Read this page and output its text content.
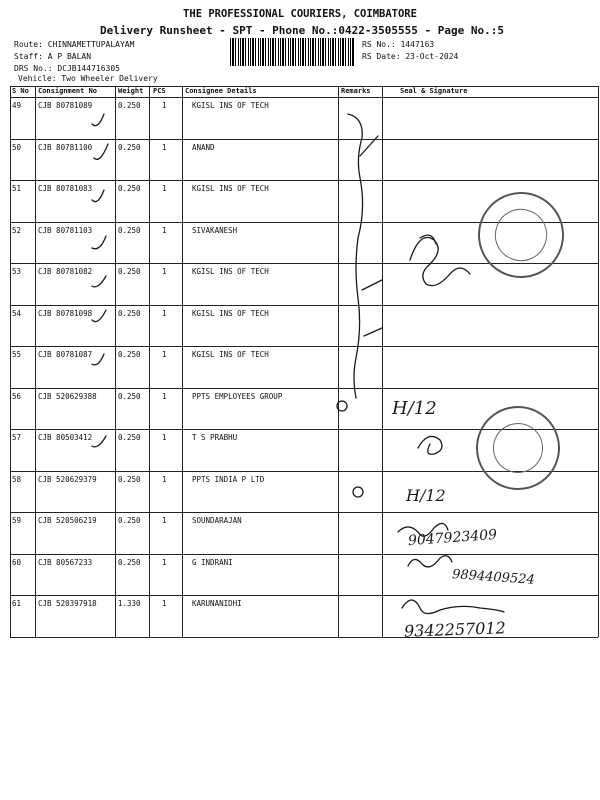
THE PROFESSIONAL COURIERS, COIMBATORE
Delivery Runsheet - SPT - Phone No.:0422-3505555 - Page No.:5
Route: CHINNAMETTUPALAYAM
Staff: A P BALAN
DRS No.: DCJB144716305
Vehicle: Two Wheeler Delivery
RS No.: 1447163
RS Date: 23-Oct-2024
S No Consignment No	Weight PCS	Consignee Details	Remarks	Seal & Signature
49 CJB 80781089	0.250	1	KGISL INS OF TECH
50 CJB 80781100	0.250	1	ANAND
51 CJB 80781083	0.250	1	KGISL INS OF TECH
52 CJB 80781103	0.250	1	SIVAKANESH
53 CJB 80781082	0.250	1	KGISL INS OF TECH
54 CJB 80781098	0.250	1	KGISL INS OF TECH
55 CJB 80781087	0.250	1	KGISL INS OF TECH
56 CJB 520629388	0.250	1	PPTS EMPLOYEES GROUP
57 CJB 80503412	0.250	1	T S PRABHU
58 CJB 520629379	0.250	1	PPTS INDIA P LTD
59 CJB 520506219	0.250	1	SOUNDARAJAN
60 CJB 80567233	0.250	1	G INDRANI
61 CJB 520397918	1.330	1	KARUNANIDHI
H/12
H/12
9047923409
9894409524
9342257012
